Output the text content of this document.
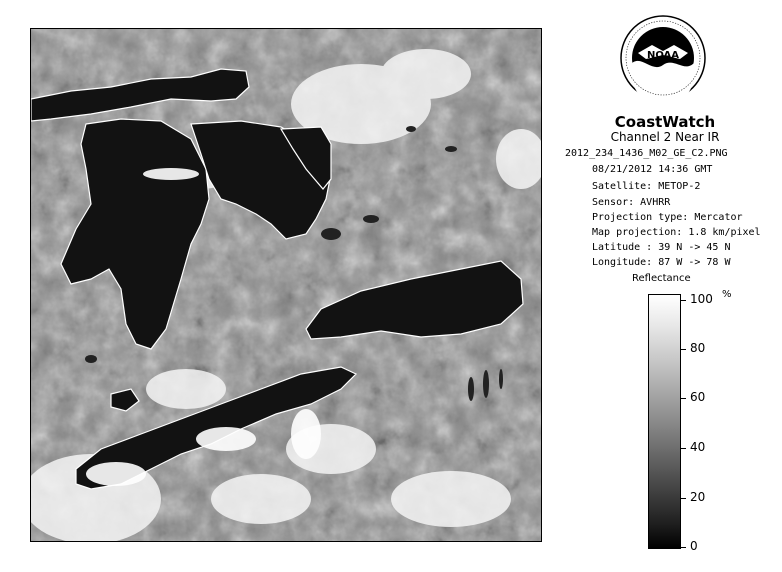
NOAA
CoastWatch
Channel 2 Near IR
2012_234_1436_M02_GE_C2.PNG
08/21/2012 14:36 GMT
Satellite: METOP-2
Sensor: AVHRR
Projection type: Mercator
Map projection: 1.8 km/pixel
Latitude : 39 N -> 45 N
Longitude: 87 W -> 78 W
Reflectance
%
100
80
60
40
20
0
